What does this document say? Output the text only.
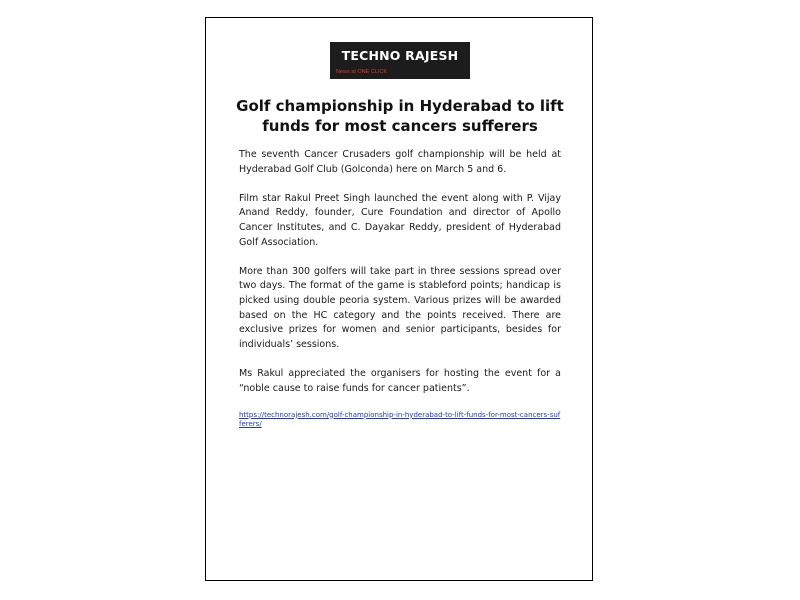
TECHNO RAJESH
News at ONE CLICK
Golf championship in Hyderabad to lift funds for most cancers sufferers

The seventh Cancer Crusaders golf championship will be held at Hyderabad Golf Club (Golconda) here on March 5 and 6.

Film star Rakul Preet Singh launched the event along with P. Vijay Anand Reddy, founder, Cure Foundation and director of Apollo Cancer Institutes, and C. Dayakar Reddy, president of Hyderabad Golf Association.

More than 300 golfers will take part in three sessions spread over two days. The format of the game is stableford points; handicap is picked using double peoria system. Various prizes will be awarded based on the HC category and the points received. There are exclusive prizes for women and senior participants, besides for individuals’ sessions.

Ms Rakul appreciated the organisers for hosting the event for a “noble cause to raise funds for cancer patients”.

https://technorajesh.com/golf-championship-in-hyderabad-to-lift-funds-for-most-cancers-sufferers/
